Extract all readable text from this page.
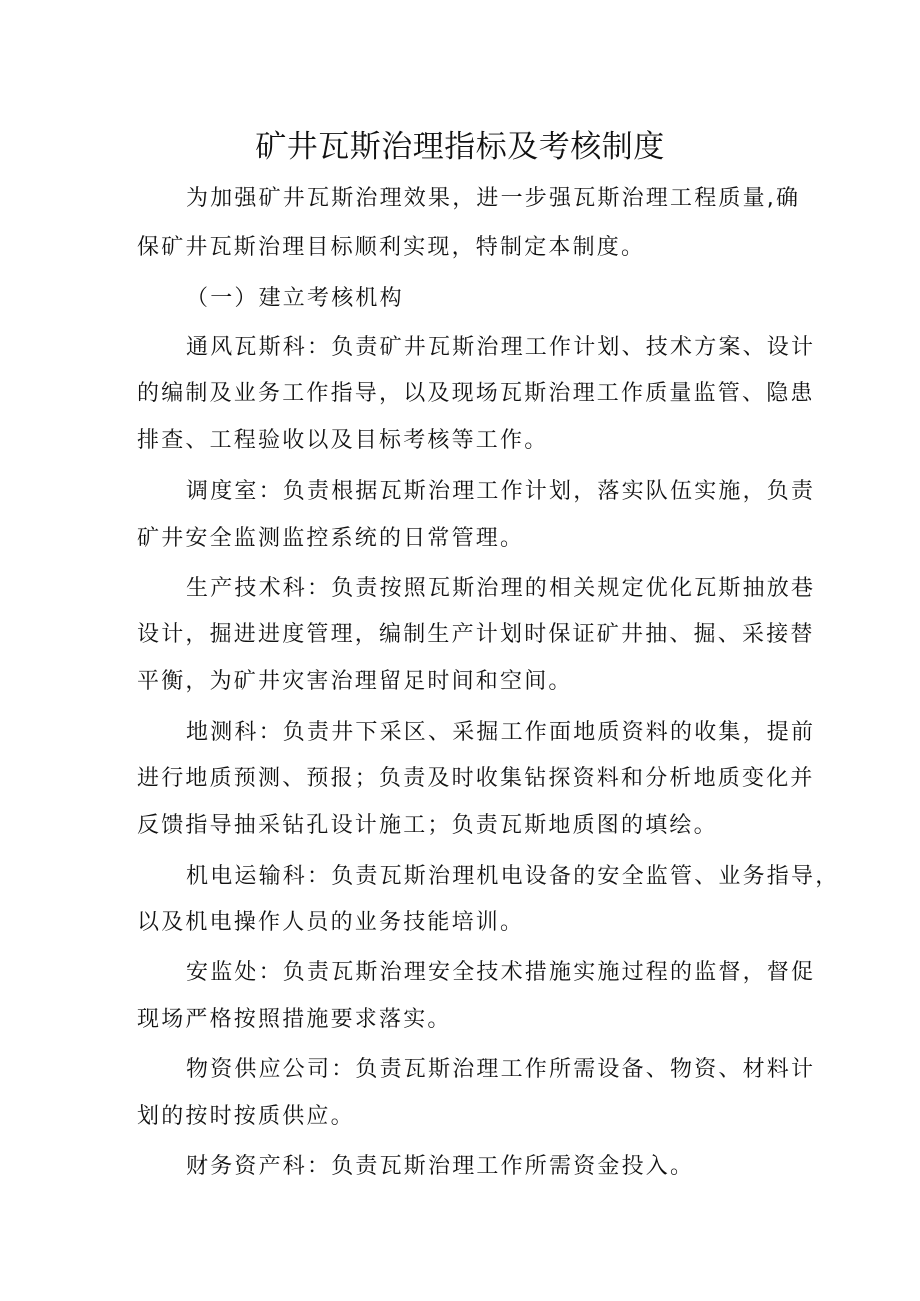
矿井瓦斯治理指标及考核制度

为加强矿井瓦斯治理效果，进一步强瓦斯治理工程质量,确

保矿井瓦斯治理目标顺利实现，特制定本制度。

（一）建立考核机构

通风瓦斯科：负责矿井瓦斯治理工作计划、技术方案、设计

的编制及业务工作指导，以及现场瓦斯治理工作质量监管、隐患

排查、工程验收以及目标考核等工作。

调度室：负责根据瓦斯治理工作计划，落实队伍实施，负责

矿井安全监测监控系统的日常管理。

生产技术科：负责按照瓦斯治理的相关规定优化瓦斯抽放巷

设计，掘进进度管理，编制生产计划时保证矿井抽、掘、采接替

平衡，为矿井灾害治理留足时间和空间。

地测科：负责井下采区、采掘工作面地质资料的收集，提前

进行地质预测、预报；负责及时收集钻探资料和分析地质变化并

反馈指导抽采钻孔设计施工；负责瓦斯地质图的填绘。

机电运输科：负责瓦斯治理机电设备的安全监管、业务指导，

以及机电操作人员的业务技能培训。

安监处：负责瓦斯治理安全技术措施实施过程的监督，督促

现场严格按照措施要求落实。

物资供应公司：负责瓦斯治理工作所需设备、物资、材料计

划的按时按质供应。

财务资产科：负责瓦斯治理工作所需资金投入。
